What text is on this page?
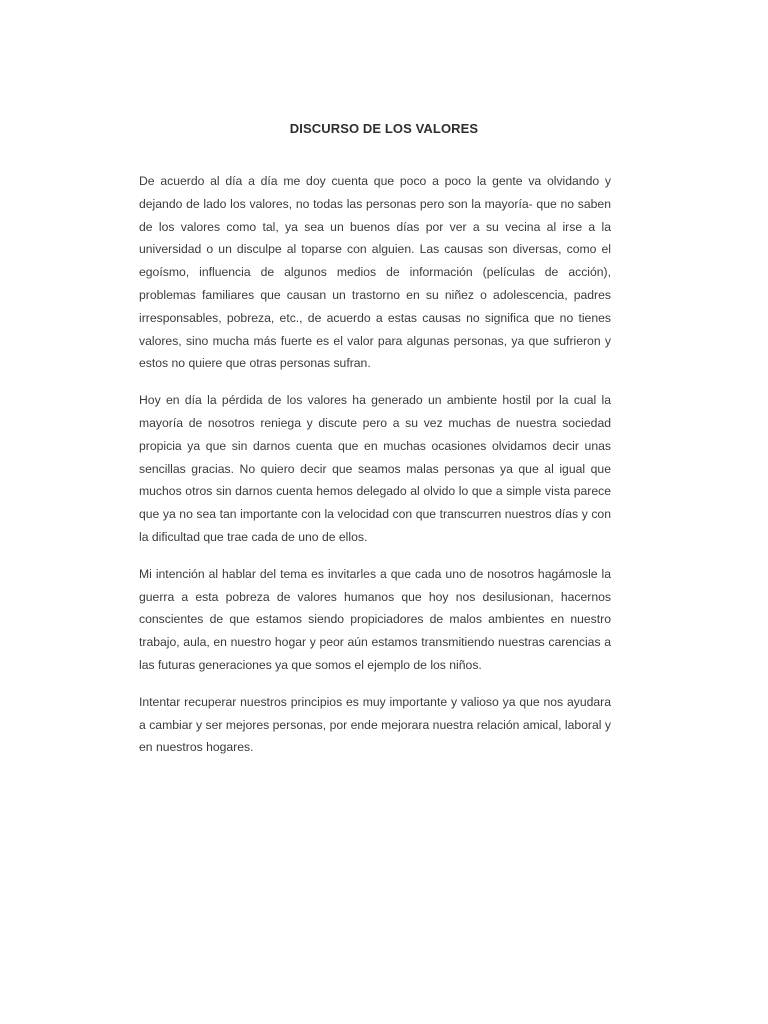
DISCURSO DE LOS VALORES

De acuerdo al día a día me doy cuenta que poco a poco la gente va olvidando y dejando de lado los valores, no todas las personas pero son la mayoría- que no saben de los valores como tal, ya sea un buenos días por ver a su vecina al irse a la universidad o un disculpe al toparse con alguien. Las causas son diversas, como el egoísmo, influencia de algunos medios de información (películas de acción), problemas familiares que causan un trastorno en su niñez o adolescencia, padres irresponsables, pobreza, etc., de acuerdo a estas causas no significa que no tienes valores, sino mucha más fuerte es el valor para algunas personas, ya que sufrieron y estos no quiere que otras personas sufran.

Hoy en día la pérdida de los valores ha generado un ambiente hostil por la cual la mayoría de nosotros reniega y discute pero a su vez muchas de nuestra sociedad propicia ya que sin darnos cuenta que en muchas ocasiones olvidamos decir unas sencillas gracias. No quiero decir que seamos malas personas ya que al igual que muchos otros sin darnos cuenta hemos delegado al olvido lo que a simple vista parece que ya no sea tan importante con la velocidad con que transcurren nuestros días y con la dificultad que trae cada de uno de ellos.

Mi intención al hablar del tema es invitarles a que cada uno de nosotros hagámosle la guerra a esta pobreza de valores humanos que hoy nos desilusionan, hacernos conscientes de que estamos siendo propiciadores de malos ambientes en nuestro trabajo, aula, en nuestro hogar y peor aún estamos transmitiendo nuestras carencias a las futuras generaciones ya que somos el ejemplo de los niños.

Intentar recuperar nuestros principios es muy importante y valioso ya que nos ayudara a cambiar y ser mejores personas, por ende mejorara nuestra relación amical, laboral y en nuestros hogares.
